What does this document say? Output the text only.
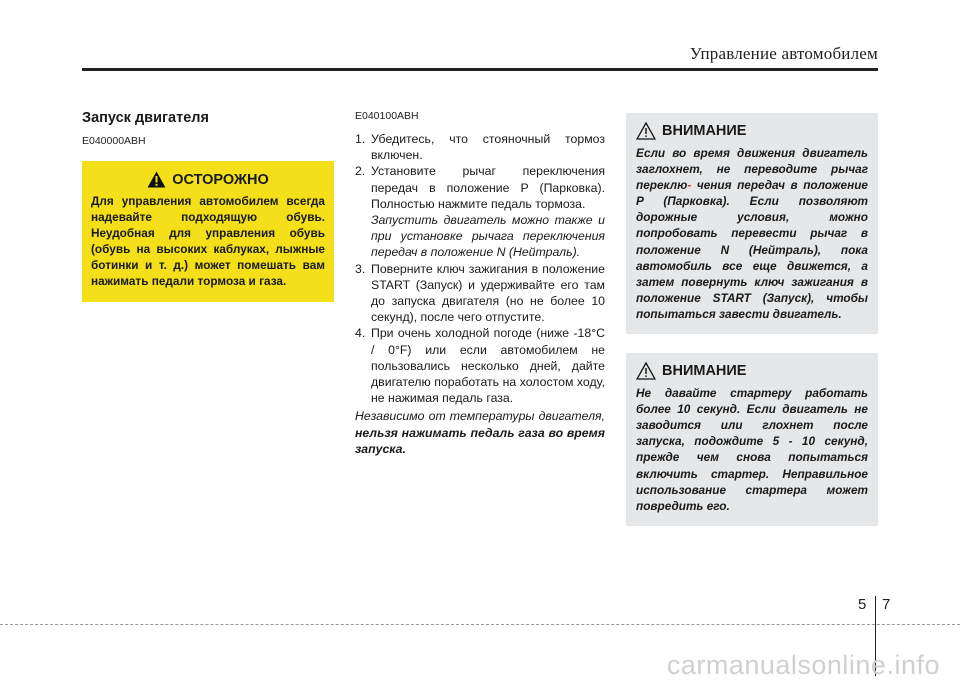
Управление автомобилем
Запуск двигателя
E040000ABH
ОСТОРОЖНО
Для управления автомобилем всегда надевайте подходящую обувь. Неудобная для управления обувь (обувь на высоких каблуках, лыжные ботинки и т. д.) может помешать вам нажимать педали тормоза и газа.
E040100ABH
1. Убедитесь, что стояночный тормоз включен.
2. Установите рычаг переключения передач в положение P (Парковка). Полностью нажмите педаль тормоза.
Запустить двигатель можно также и при установке рычага переключения передач в положение N (Нейтраль).
3. Поверните ключ зажигания в положение START (Запуск) и удерживайте его там до запуска двигателя (но не более 10 секунд), после чего отпустите.
4. При очень холодной погоде (ниже -18°C / 0°F) или если автомобилем не пользовались несколько дней, дайте двигателю поработать на холостом ходу, не нажимая педаль газа.
Независимо от температуры двигателя, нельзя нажимать педаль газа во время запуска.
ВНИМАНИЕ
Если во время движения двигатель заглохнет, не переводите рычаг переклю- чения передач в положение P (Парковка). Если позволяют дорожные условия, можно попробовать перевести рычаг в положение N (Нейтраль), пока автомобиль все еще движется, а затем повернуть ключ зажигания в положение START (Запуск), чтобы попытаться завести двигатель.
ВНИМАНИЕ
Не давайте стартеру работать более 10 секунд. Если двигатель не заводится или глохнет после запуска, подождите 5 - 10 секунд, прежде чем снова попытаться включить стартер. Неправильное использование стартера может повредить его.
5 7
carmanualsonline.info
